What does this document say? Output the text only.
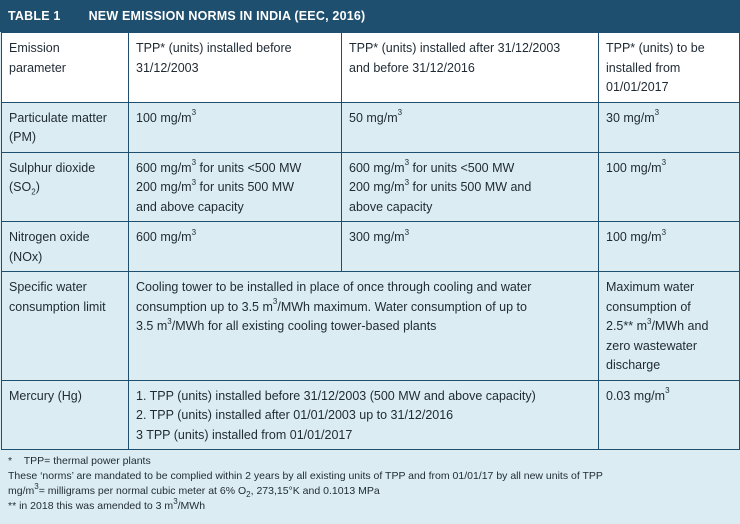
TABLE 1 NEW EMISSION NORMS IN INDIA (EEC, 2016)
Emission
parameter	TPP* (units) installed before
31/12/2003	TPP* (units) installed after 31/12/2003
and before 31/12/2016	TPP* (units) to be
installed from
01/01/2017

Particulate matter
(PM)	100 $mg/m^3$	50 $mg/m^3$	30 $mg/m^3$

Sulphur dioxide
$(SO_2)$	600 $mg/m^3$ for units <500 MW
200 $mg/m^3$ for units 500 MW
and above capacity	600 $mg/m^3$ for units <500 MW
200 $mg/m^3$ for units 500 MW and
above capacity	100 $mg/m^3$

Nitrogen oxide
(NOx)	600 $mg/m^3$	300 $mg/m^3$	100 $mg/m^3$

Specific water
consumption limit	Cooling tower to be installed in place of once through cooling and water
consumption up to 3.5 $m^3$/MWh maximum. Water consumption of up to
3.5 $m^3$/MWh for all existing cooling tower-based plants		Maximum water
consumption of
2.5** $m^3$/MWh and
zero wastewater
discharge

Mercury (Hg)	1. TPP (units) installed before 31/12/2003 (500 MW and above capacity)
2. TPP (units) installed after 01/01/2003 up to 31/12/2016
3 TPP (units) installed from 01/01/2017		0.03 $mg/m^3$
* TPP= thermal power plants
These ‘norms’ are mandated to be complied within 2 years by all existing units of TPP and from 01/01/17 by all new units of TPP
$mg/m^3=$ milligrams per normal cubic meter at 6% $O_2$, 273,15°K and 0.1013 MPa
** in 2018 this was amended to 3 $m^3$/MWh
